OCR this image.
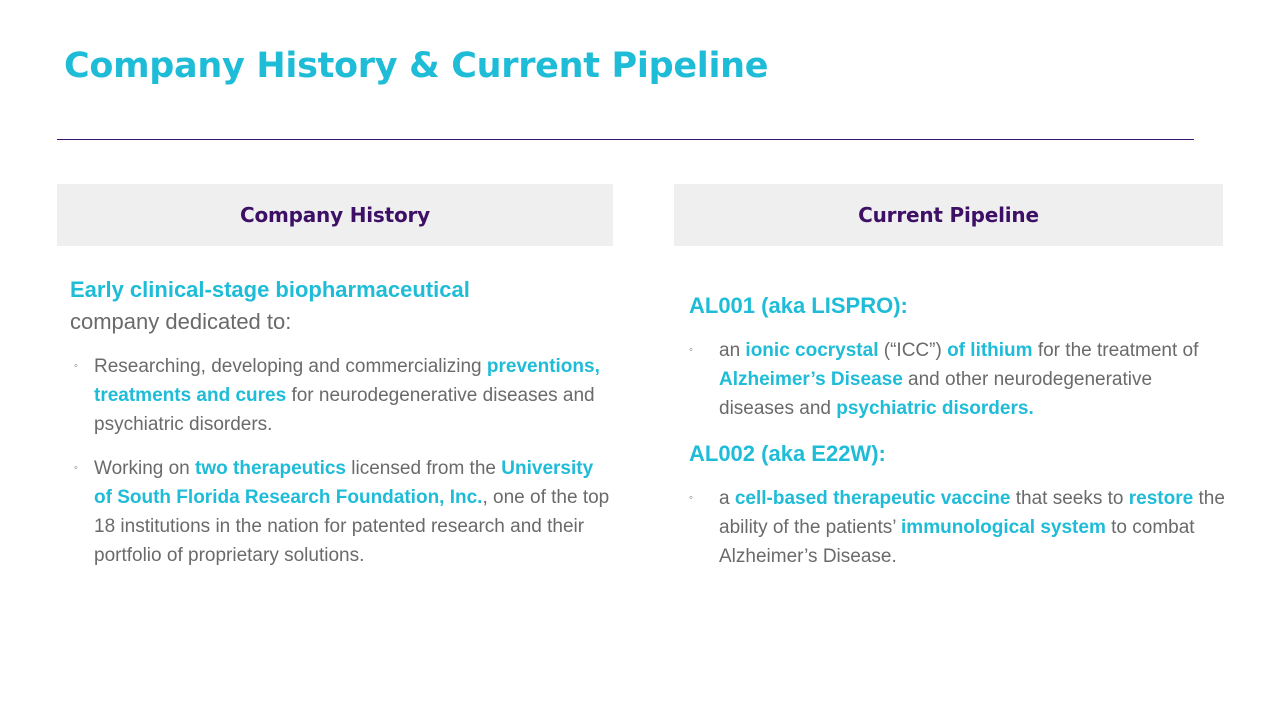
Company History & Current Pipeline
Company History	Current Pipeline

Early clinical-stage biopharmaceutical
company dedicated to:

◦ Researching, developing and commercializing preventions, treatments and cures for neurodegenerative diseases and psychiatric disorders.
◦ Working on two therapeutics licensed from the University of South Florida Research Foundation, Inc., one of the top 18 institutions in the nation for patented research and their portfolio of proprietary solutions.
AL001 (aka LISPRO):
◦ an ionic cocrystal (“ICC”) of lithium for the treatment of Alzheimer’s Disease and other neurodegenerative diseases and psychiatric disorders.
AL002 (aka E22W):
◦ a cell-based therapeutic vaccine that seeks to restore the ability of the patients’ immunological system to combat Alzheimer’s Disease.
